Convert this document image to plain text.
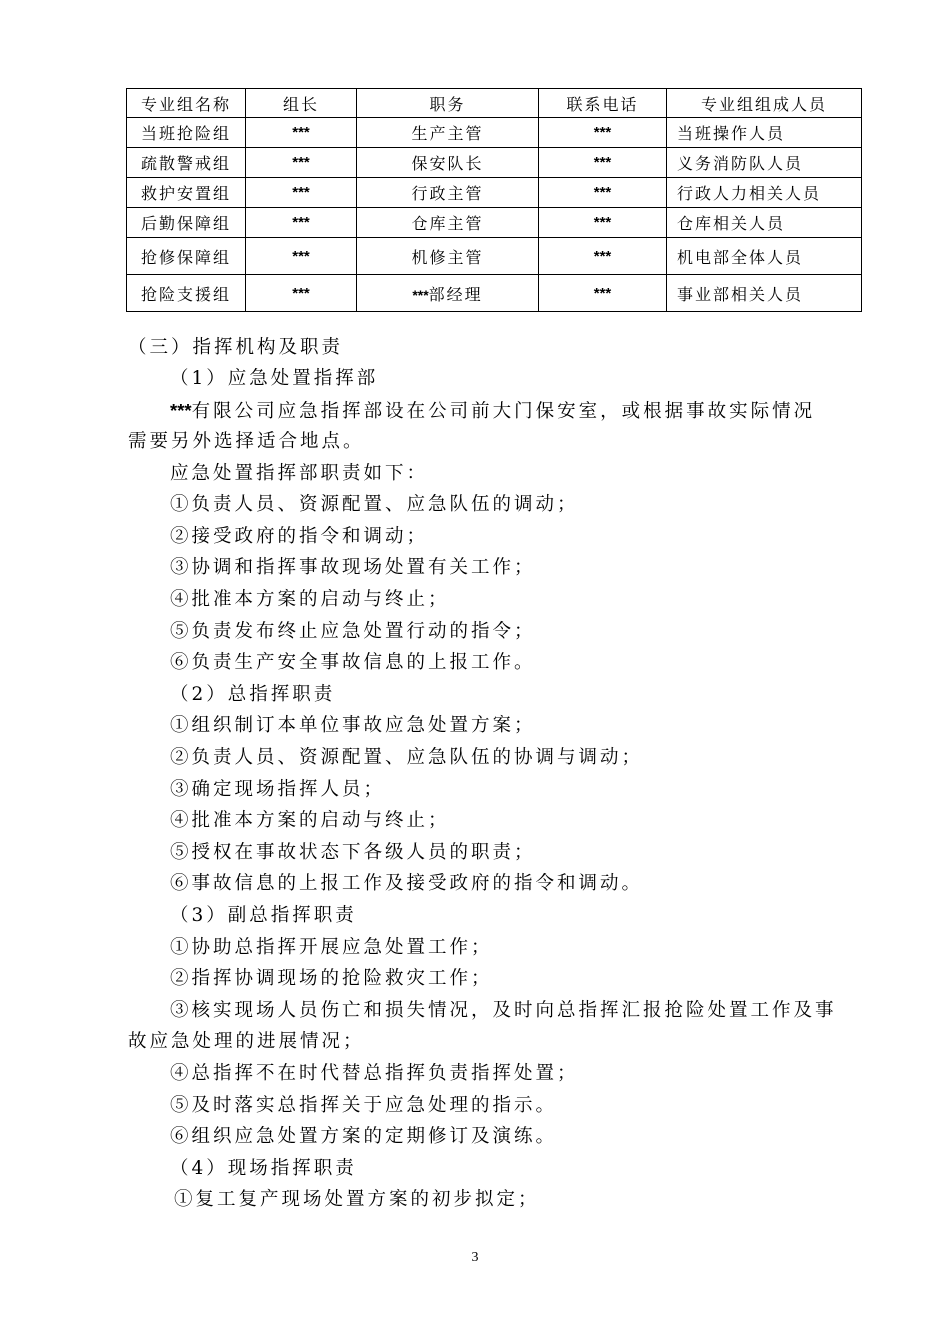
专业组名称	组长	职务	联系电话	专业组组成人员
当班抢险组	***	生产主管	***	当班操作人员
疏散警戒组	***	保安队长	***	义务消防队人员
救护安置组	***	行政主管	***	行政人力相关人员
后勤保障组	***	仓库主管	***	仓库相关人员
抢修保障组	***	机修主管	***	机电部全体人员
抢险支援组	***	***部经理	***	事业部相关人员
（三）指挥机构及职责
（1）应急处置指挥部
***有限公司应急指挥部设在公司前大门保安室，或根据事故实际情况
需要另外选择适合地点。
应急处置指挥部职责如下：
①负责人员、资源配置、应急队伍的调动；
②接受政府的指令和调动；
③协调和指挥事故现场处置有关工作；
④批准本方案的启动与终止；
⑤负责发布终止应急处置行动的指令；
⑥负责生产安全事故信息的上报工作。
（2）总指挥职责
①组织制订本单位事故应急处置方案；
②负责人员、资源配置、应急队伍的协调与调动；
③确定现场指挥人员；
④批准本方案的启动与终止；
⑤授权在事故状态下各级人员的职责；
⑥事故信息的上报工作及接受政府的指令和调动。
（3）副总指挥职责
①协助总指挥开展应急处置工作；
②指挥协调现场的抢险救灾工作；
③核实现场人员伤亡和损失情况，及时向总指挥汇报抢险处置工作及事
故应急处理的进展情况；
④总指挥不在时代替总指挥负责指挥处置；
⑤及时落实总指挥关于应急处理的指示。
⑥组织应急处置方案的定期修订及演练。
（4）现场指挥职责
①复工复产现场处置方案的初步拟定；
3
